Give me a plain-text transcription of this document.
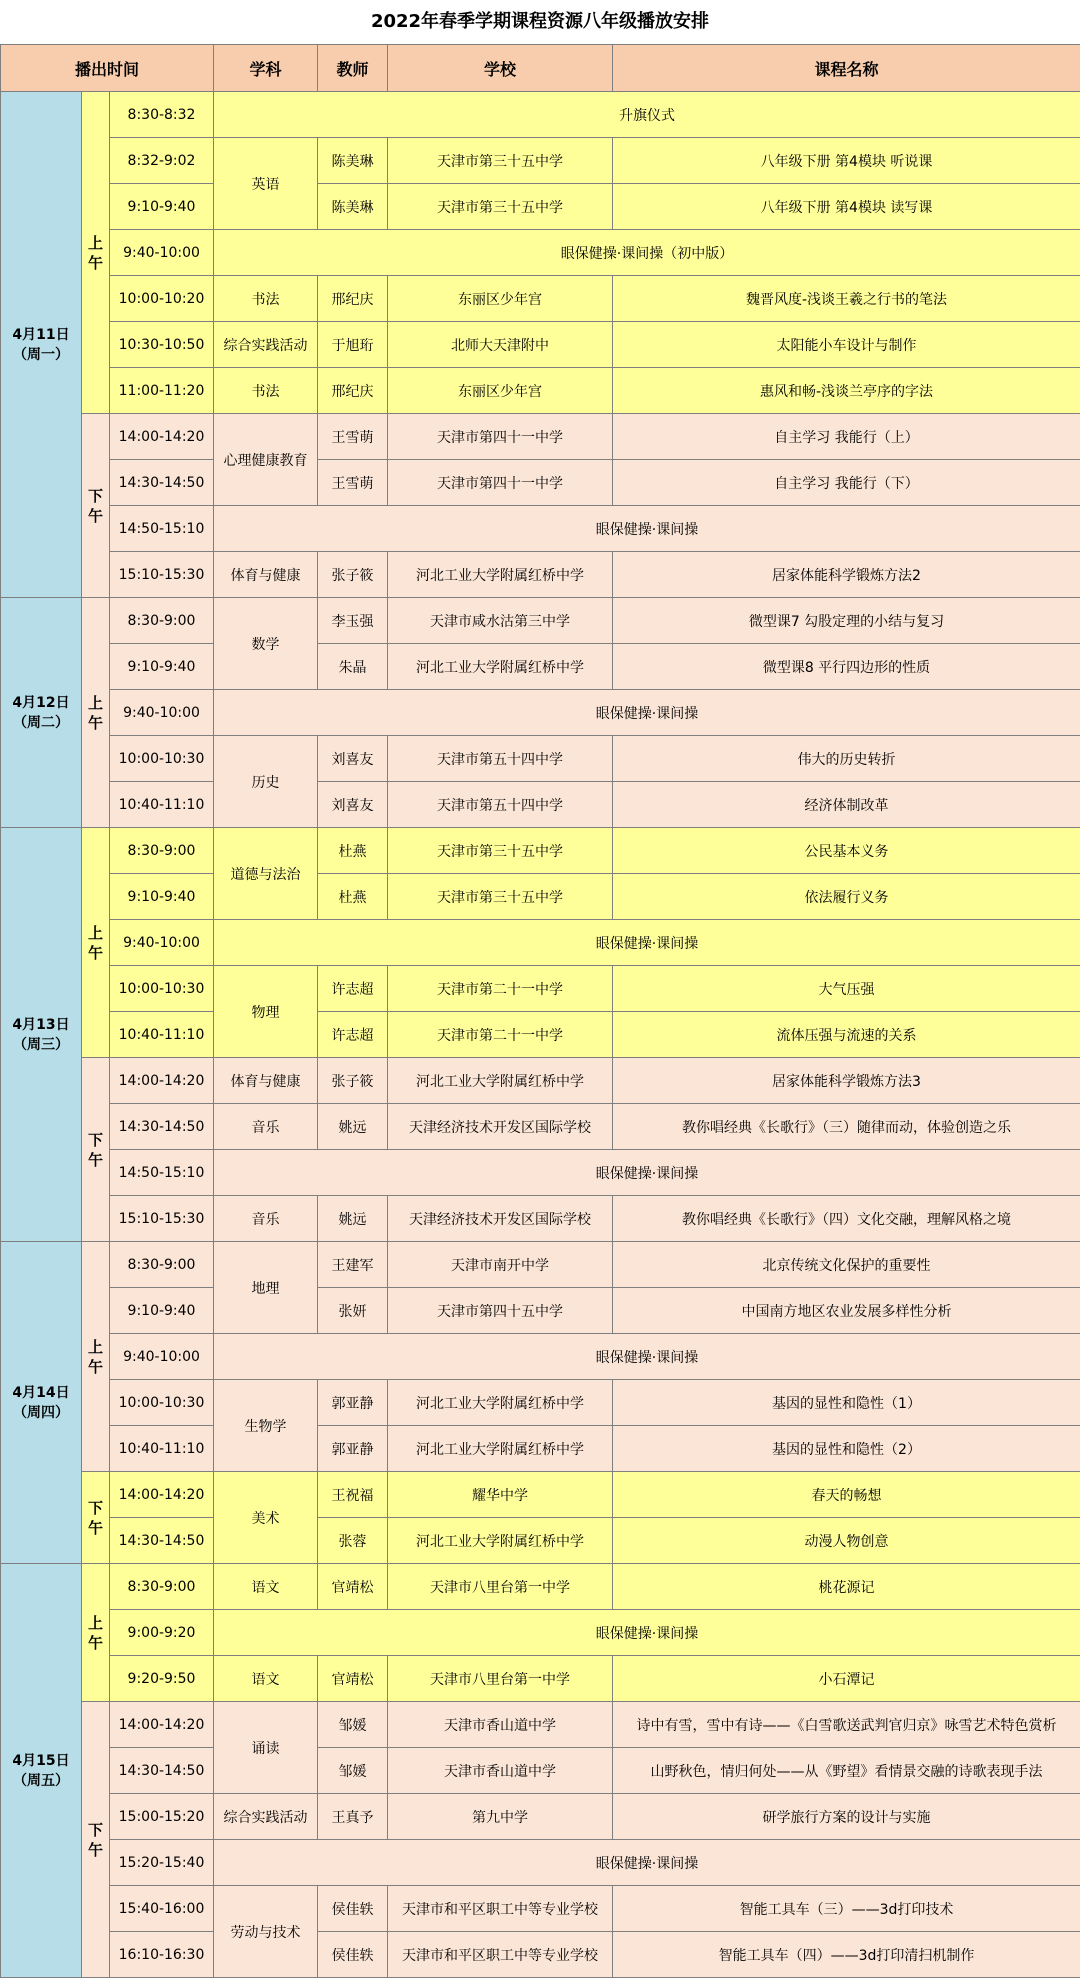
2022年春季学期课程资源八年级播放安排
播出时间			学科	教师	学校	课程名称
4月11日（周一）	上午	8:30-8:32	升旗仪式			
		8:32-9:02	英语	陈美琳	天津市第三十五中学	八年级下册 第4模块 听说课
		9:10-9:40		陈美琳	天津市第三十五中学	八年级下册 第4模块 读写课
		9:40-10:00	眼保健操·课间操（初中版）			
		10:00-10:20	书法	邢纪庆	东丽区少年宫	魏晋风度-浅谈王羲之行书的笔法
		10:30-10:50	综合实践活动	于旭珩	北师大天津附中	太阳能小车设计与制作
		11:00-11:20	书法	邢纪庆	东丽区少年宫	惠风和畅-浅谈兰亭序的字法
	下午	14:00-14:20	心理健康教育	王雪萌	天津市第四十一中学	自主学习 我能行（上）
		14:30-14:50		王雪萌	天津市第四十一中学	自主学习 我能行（下）
		14:50-15:10	眼保健操·课间操			
		15:10-15:30	体育与健康	张子筱	河北工业大学附属红桥中学	居家体能科学锻炼方法2
4月12日（周二）	上午	8:30-9:00	数学	李玉强	天津市咸水沽第三中学	微型课7 勾股定理的小结与复习
		9:10-9:40		朱晶	河北工业大学附属红桥中学	微型课8 平行四边形的性质
		9:40-10:00	眼保健操·课间操			
		10:00-10:30	历史	刘喜友	天津市第五十四中学	伟大的历史转折
		10:40-11:10		刘喜友	天津市第五十四中学	经济体制改革
4月13日（周三）	上午	8:30-9:00	道德与法治	杜燕	天津市第三十五中学	公民基本义务
		9:10-9:40		杜燕	天津市第三十五中学	依法履行义务
		9:40-10:00	眼保健操·课间操			
		10:00-10:30	物理	许志超	天津市第二十一中学	大气压强
		10:40-11:10		许志超	天津市第二十一中学	流体压强与流速的关系
	下午	14:00-14:20	体育与健康	张子筱	河北工业大学附属红桥中学	居家体能科学锻炼方法3
		14:30-14:50	音乐	姚远	天津经济技术开发区国际学校	教你唱经典《长歌行》（三）随律而动，体验创造之乐
		14:50-15:10	眼保健操·课间操			
		15:10-15:30	音乐	姚远	天津经济技术开发区国际学校	教你唱经典《长歌行》（四）文化交融，理解风格之境
4月14日（周四）	上午	8:30-9:00	地理	王建军	天津市南开中学	北京传统文化保护的重要性
		9:10-9:40		张妍	天津市第四十五中学	中国南方地区农业发展多样性分析
		9:40-10:00	眼保健操·课间操			
		10:00-10:30	生物学	郭亚静	河北工业大学附属红桥中学	基因的显性和隐性（1）
		10:40-11:10		郭亚静	河北工业大学附属红桥中学	基因的显性和隐性（2）
	下午	14:00-14:20	美术	王祝福	耀华中学	春天的畅想
		14:30-14:50		张蓉	河北工业大学附属红桥中学	动漫人物创意
4月15日（周五）	上午	8:30-9:00	语文	官靖松	天津市八里台第一中学	桃花源记
		9:00-9:20	眼保健操·课间操			
		9:20-9:50	语文	官靖松	天津市八里台第一中学	小石潭记
	下午	14:00-14:20	诵读	邹媛	天津市香山道中学	诗中有雪，雪中有诗——《白雪歌送武判官归京》咏雪艺术特色赏析
		14:30-14:50		邹媛	天津市香山道中学	山野秋色，情归何处——从《野望》看情景交融的诗歌表现手法
		15:00-15:20	综合实践活动	王真予	第九中学	研学旅行方案的设计与实施
		15:20-15:40	眼保健操·课间操			
		15:40-16:00	劳动与技术	侯佳轶	天津市和平区职工中等专业学校	智能工具车（三）——3d打印技术
		16:10-16:30		侯佳轶	天津市和平区职工中等专业学校	智能工具车（四）——3d打印清扫机制作
